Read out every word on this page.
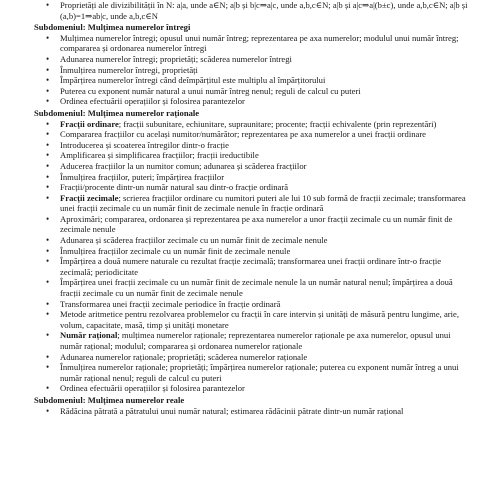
• Proprietăți ale divizibilității în N: a|a, unde a∈N; a|b și b|c⇒a|c, unde a,b,c∈N; a|b și a|c⇒a|(b±c), unde a,b,c∈N; a|b și (a,b)=1⇒ab|c, unde a,b,c∈N
Subdomeniul: Mulțimea numerelor întregi
• Mulțimea numerelor întregi; opusul unui număr întreg; reprezentarea pe axa numerelor; modulul unui număr întreg; compararea și ordonarea numerelor întregi
• Adunarea numerelor întregi; proprietăți; scăderea numerelor întregi
• Înmulțirea numerelor întregi, proprietăți
• Împărțirea numerelor întregi când deîmpărțitul este multiplu al împărțitorului
• Puterea cu exponent număr natural a unui număr întreg nenul; reguli de calcul cu puteri
• Ordinea efectuării operațiilor și folosirea parantezelor
Subdomeniul: Mulțimea numerelor raționale
• Fracții ordinare; fracții subunitare, echiunitare, supraunitare; procente; fracții echivalente (prin reprezentări)
• Compararea fracțiilor cu același numitor/numărător; reprezentarea pe axa numerelor a unei fracții ordinare
• Introducerea și scoaterea întregilor dintr-o fracție
• Amplificarea și simplificarea fracțiilor; fracții ireductibile
• Aducerea fracțiilor la un numitor comun; adunarea și scăderea fracțiilor
• Înmulțirea fracțiilor, puteri; împărțirea fracțiilor
• Fracții/procente dintr-un număr natural sau dintr-o fracție ordinară
• Fracții zecimale; scrierea fracțiilor ordinare cu numitori puteri ale lui 10 sub formă de fracții zecimale; transformarea unei fracții zecimale cu un număr finit de zecimale nenule în fracție ordinară
• Aproximări; compararea, ordonarea și reprezentarea pe axa numerelor a unor fracții zecimale cu un număr finit de zecimale nenule
• Adunarea și scăderea fracțiilor zecimale cu un număr finit de zecimale nenule
• Înmulțirea fracțiilor zecimale cu un număr finit de zecimale nenule
• Împărțirea a două numere naturale cu rezultat fracție zecimală; transformarea unei fracții ordinare într-o fracție zecimală; periodicitate
• Împărțirea unei fracții zecimale cu un număr finit de zecimale nenule la un număr natural nenul; împărțirea a două fracții zecimale cu un număr finit de zecimale nenule
• Transformarea unei fracții zecimale periodice în fracție ordinară
• Metode aritmetice pentru rezolvarea problemelor cu fracții în care intervin și unități de măsură pentru lungime, arie, volum, capacitate, masă, timp și unități monetare
• Număr rațional; mulțimea numerelor raționale; reprezentarea numerelor raționale pe axa numerelor, opusul unui număr rațional; modulul; compararea și ordonarea numerelor raționale
• Adunarea numerelor raționale; proprietăți; scăderea numerelor raționale
• Înmulțirea numerelor raționale; proprietăți; împărțirea numerelor raționale; puterea cu exponent număr întreg a unui număr rațional nenul; reguli de calcul cu puteri
• Ordinea efectuării operațiilor și folosirea parantezelor
Subdomeniul: Mulțimea numerelor reale
• Rădăcina pătrată a pătratului unui număr natural; estimarea rădăcinii pătrate dintr-un număr rațional
